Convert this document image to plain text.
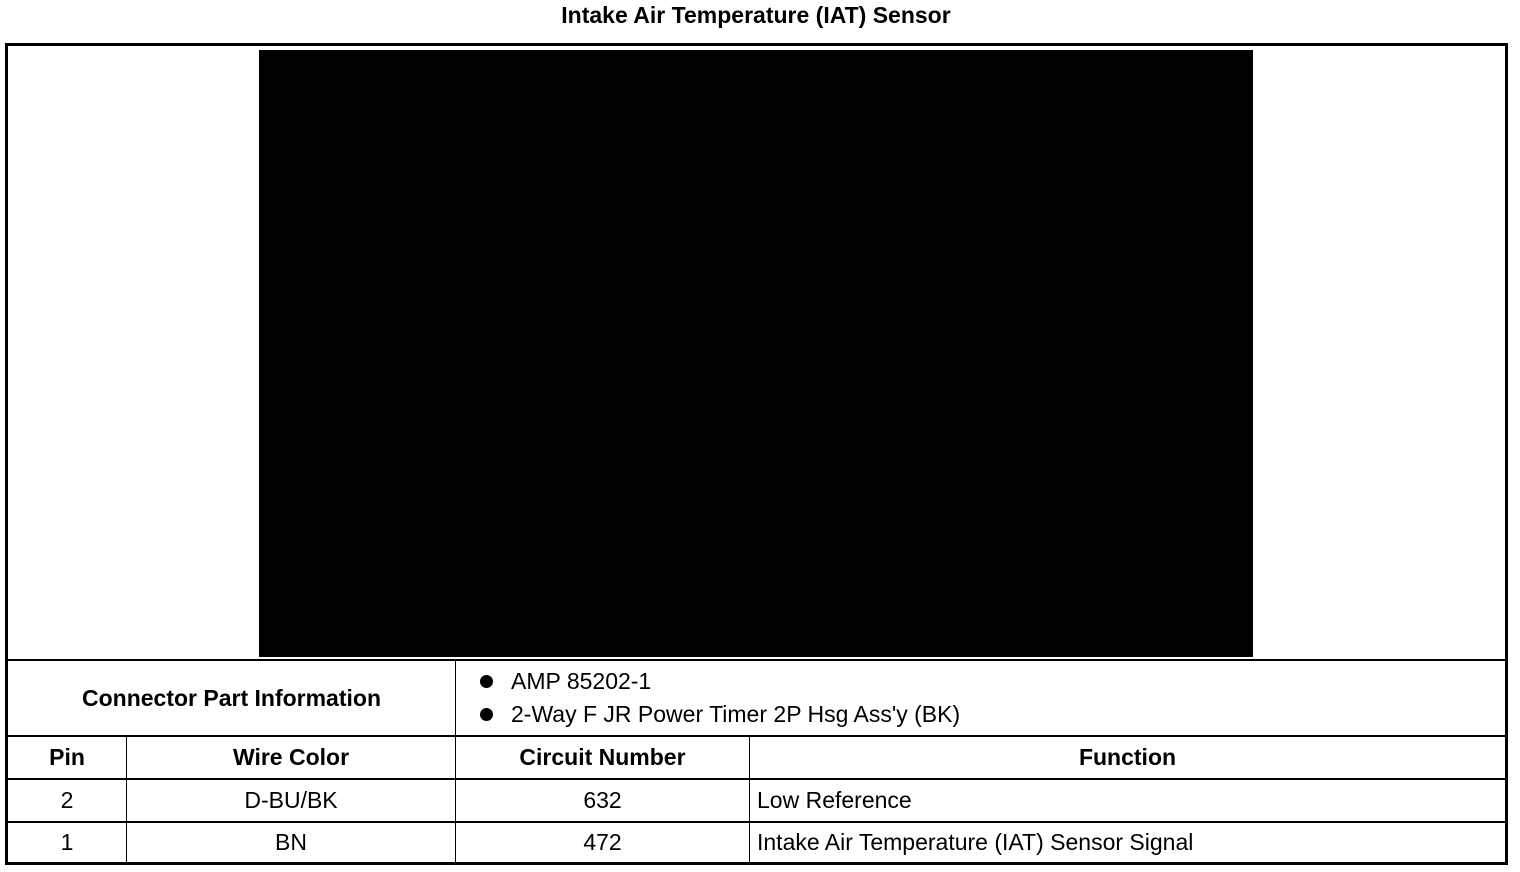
Intake Air Temperature (IAT) Sensor
Connector Part Information
AMP 85202-1
2-Way F JR Power Timer 2P Hsg Ass'y (BK)
Pin	Wire Color	Circuit Number	Function
2	D-BU/BK	632	Low Reference
1	BN	472	Intake Air Temperature (IAT) Sensor Signal
